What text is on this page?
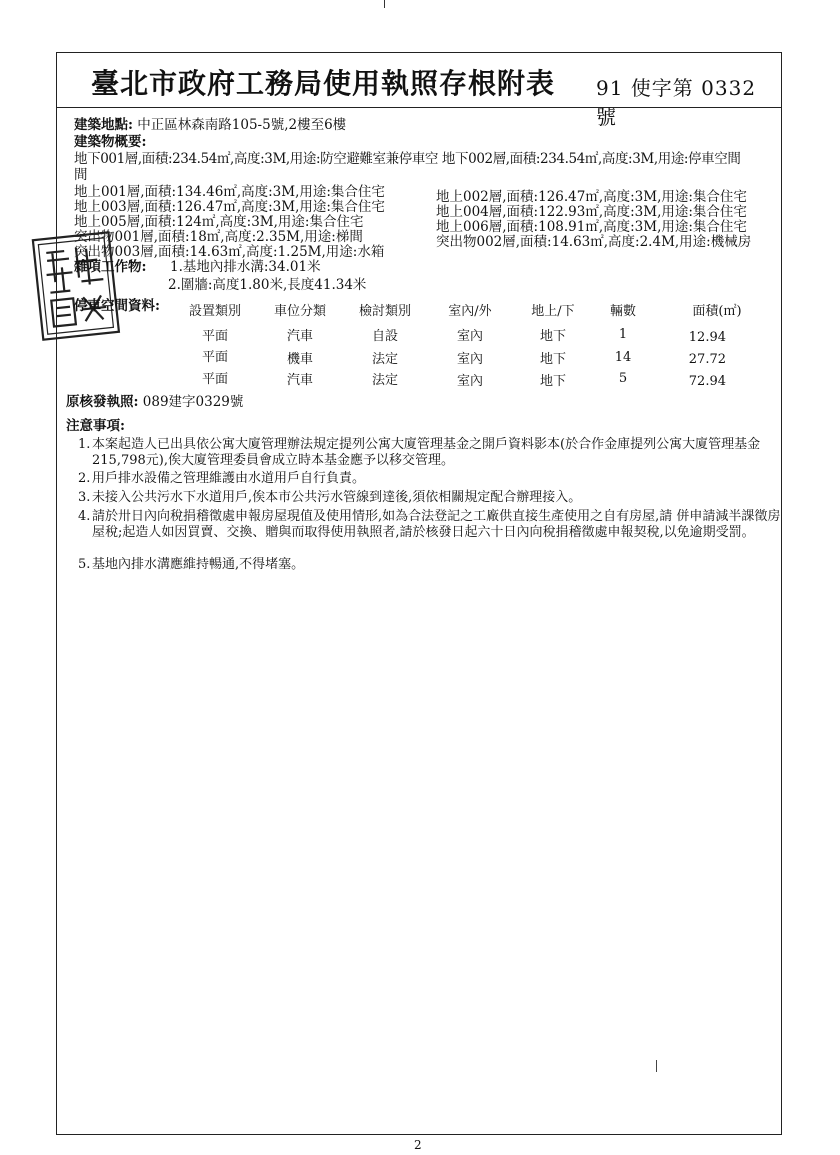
臺北市政府工務局使用執照存根附表 91 使字第 0332 號
建築地點: 中正區林森南路105-5號,2樓至6樓
建築物概要:
地下001層,面積:234.54㎡,高度:3M,用途:防空避難室兼停車空 地下002層,面積:234.54㎡,高度:3M,用途:停車空間
間
地上001層,面積:134.46㎡,高度:3M,用途:集合住宅
地上003層,面積:126.47㎡,高度:3M,用途:集合住宅
地上005層,面積:124㎡,高度:3M,用途:集合住宅
突出物001層,面積:18㎡,高度:2.35M,用途:梯間
突出物003層,面積:14.63㎡,高度:1.25M,用途:水箱
地上002層,面積:126.47㎡,高度:3M,用途:集合住宅
地上004層,面積:122.93㎡,高度:3M,用途:集合住宅
地上006層,面積:108.91㎡,高度:3M,用途:集合住宅
突出物002層,面積:14.63㎡,高度:2.4M,用途:機械房
雜項工作物: 1.基地內排水溝:34.01米
2.圍牆:高度1.80米,長度41.34米
停車空間資料:	設置類別	車位分類	檢討類別	室內/外	地上/下	輛數	面積(㎡)
平面	汽車	自設	室內	地下	1	12.94
平面	機車	法定	室內	地下	14	27.72
平面	汽車	法定	室內	地下	5	72.94
原核發執照: 089建字0329號
注意事項:
1. 本案起造人已出具依公寓大廈管理辦法規定提列公寓大廈管理基金之開戶資料影本(於合作金庫提列公寓大廈管理基金215,798元),俟大廈管理委員會成立時本基金應予以移交管理。
2. 用戶排水設備之管理維護由水道用戶自行負責。
3. 未接入公共污水下水道用戶,俟本市公共污水管線到達後,須依相關規定配合辦理接入。
4. 請於卅日內向稅捐稽徵處申報房屋現值及使用情形,如為合法登記之工廠供直接生產使用之自有房屋,請 併申請減半課徵房屋稅;起造人如因買賣、交換、贈與而取得使用執照者,請於核發日起六十日內向稅捐稽徵處申報契稅,以免逾期受罰。
5. 基地內排水溝應維持暢通,不得堵塞。
2
